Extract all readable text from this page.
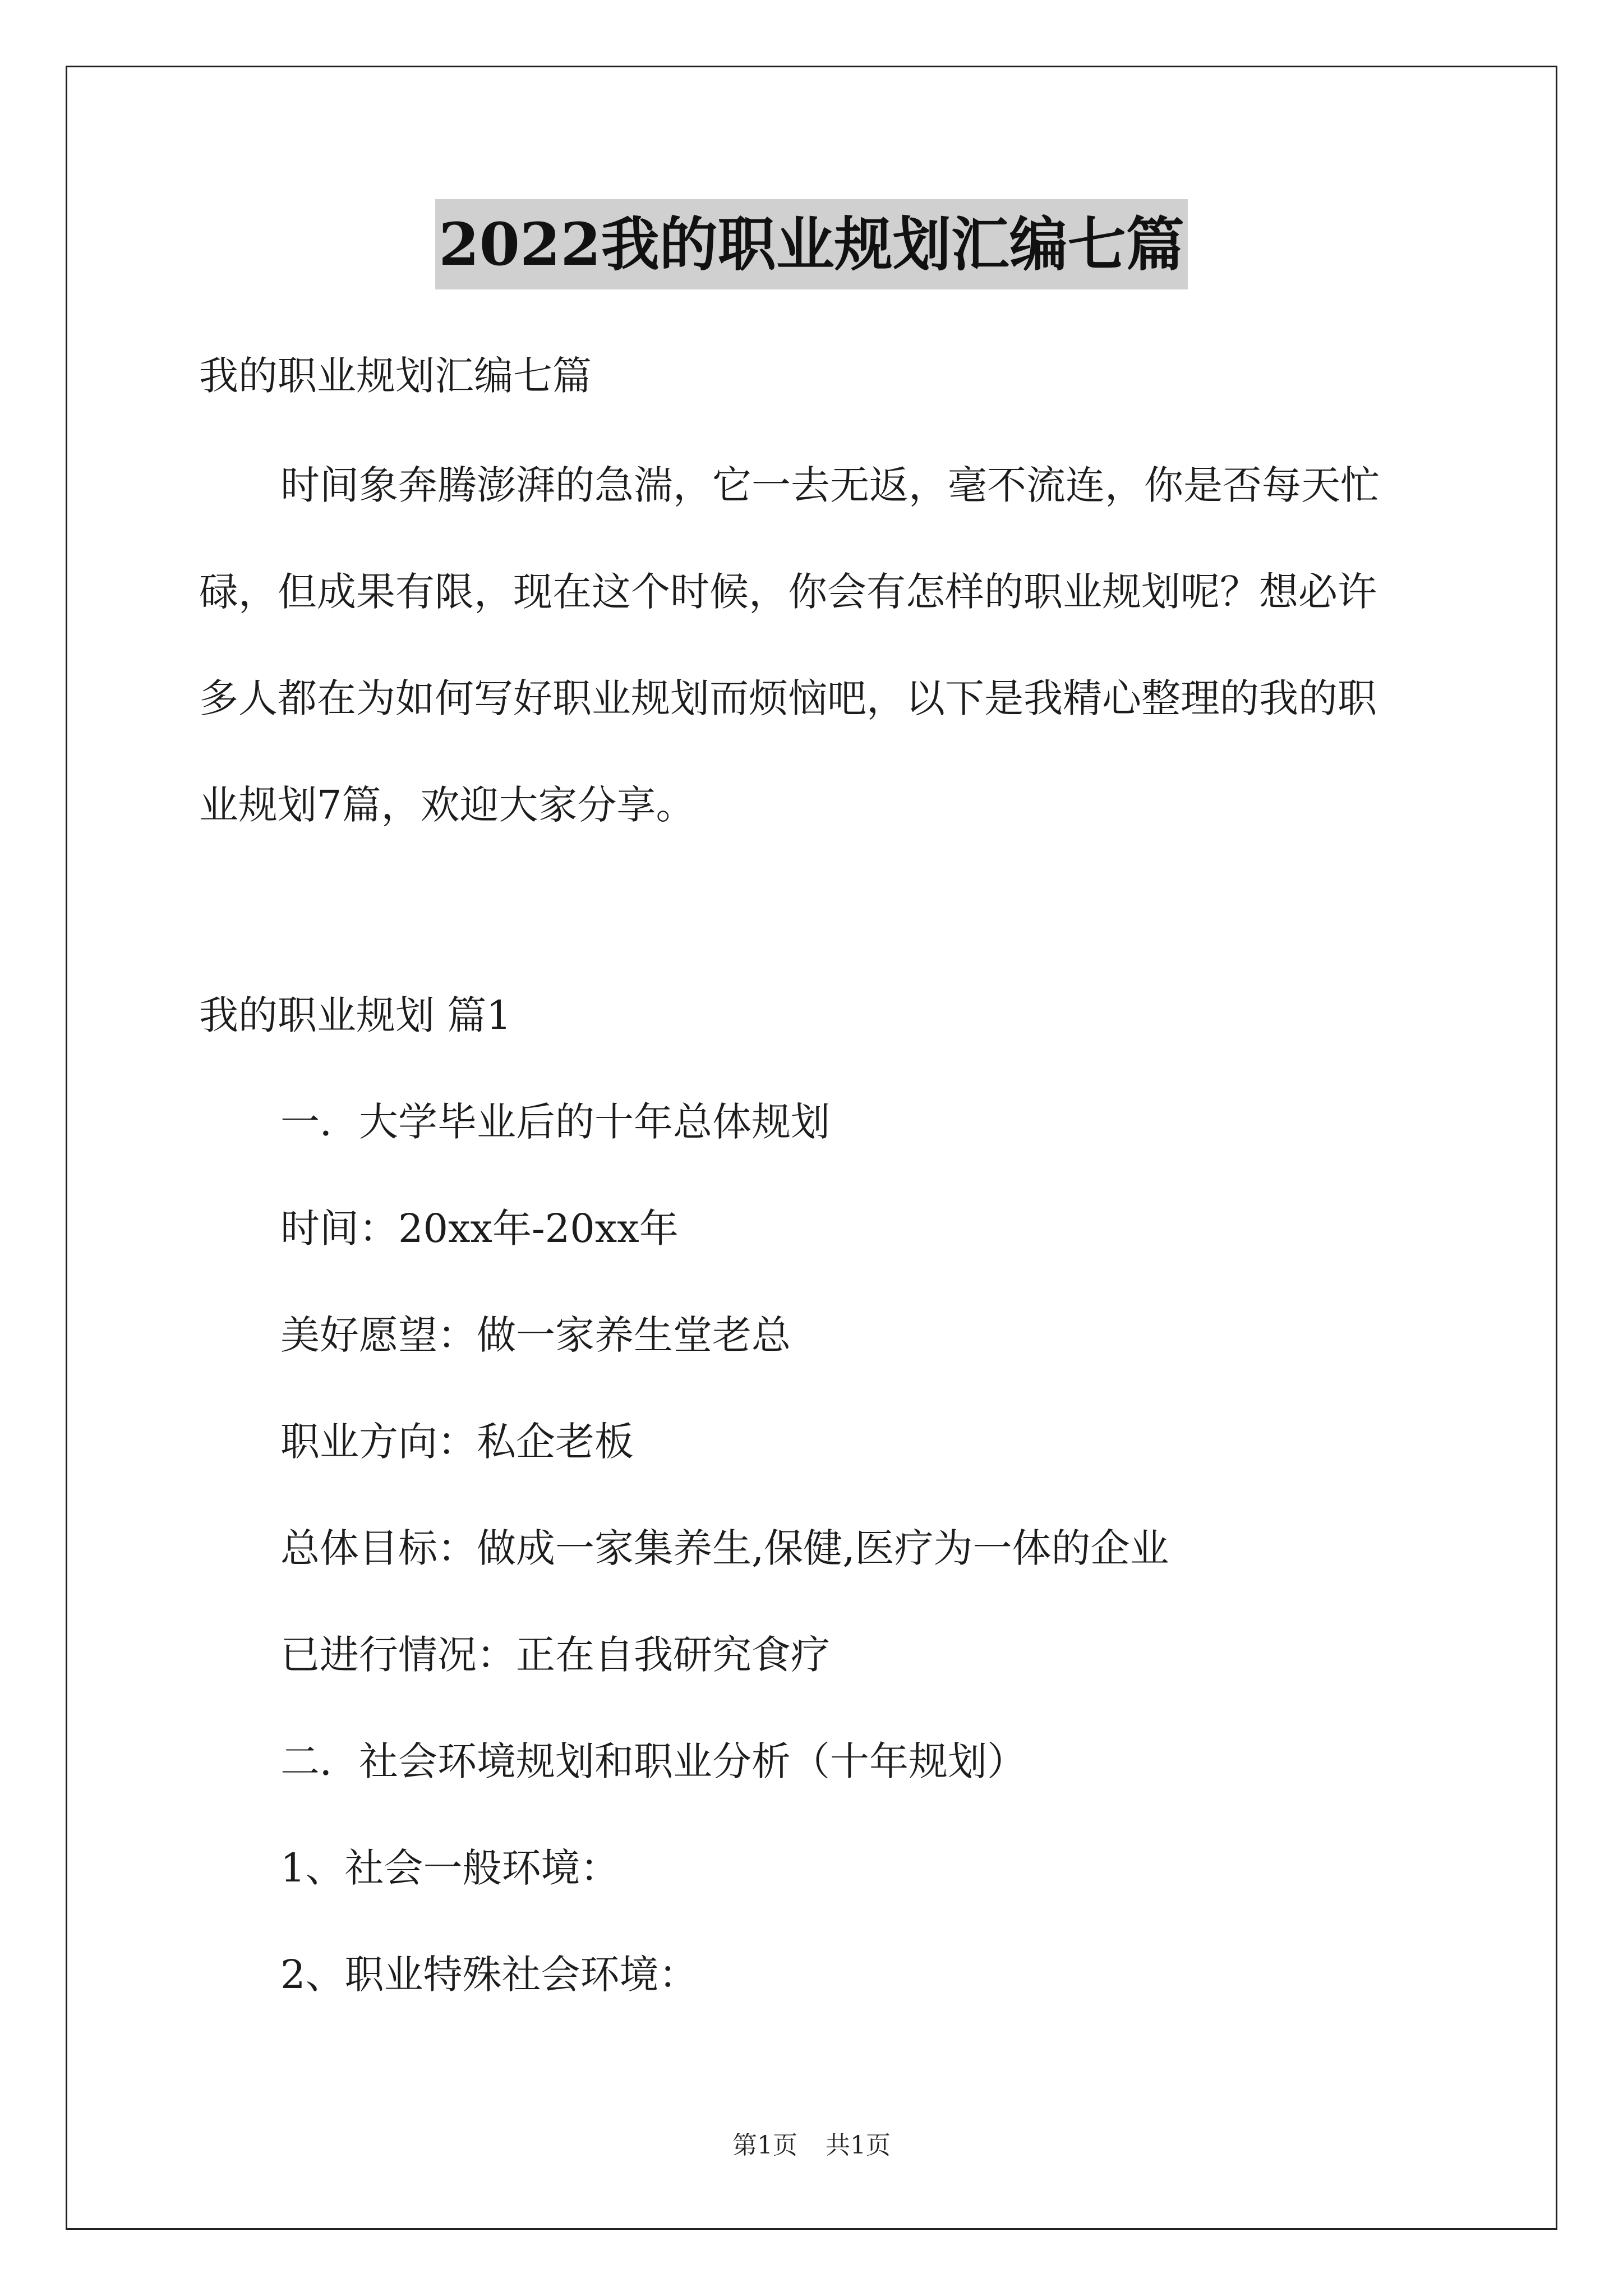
2022我的职业规划汇编七篇
我的职业规划汇编七篇
时间象奔腾澎湃的急湍，它一去无返，毫不流连，你是否每天忙
碌，但成果有限，现在这个时候，你会有怎样的职业规划呢？想必许
多人都在为如何写好职业规划而烦恼吧，以下是我精心整理的我的职
业规划7篇，欢迎大家分享。
我的职业规划 篇1
一．大学毕业后的十年总体规划
时间：20xx年-20xx年
美好愿望：做一家养生堂老总
职业方向：私企老板
总体目标：做成一家集养生,保健,医疗为一体的企业
已进行情况：正在自我研究食疗
二．社会环境规划和职业分析（十年规划）
1、社会一般环境：
2、职业特殊社会环境：
第1页 共1页
